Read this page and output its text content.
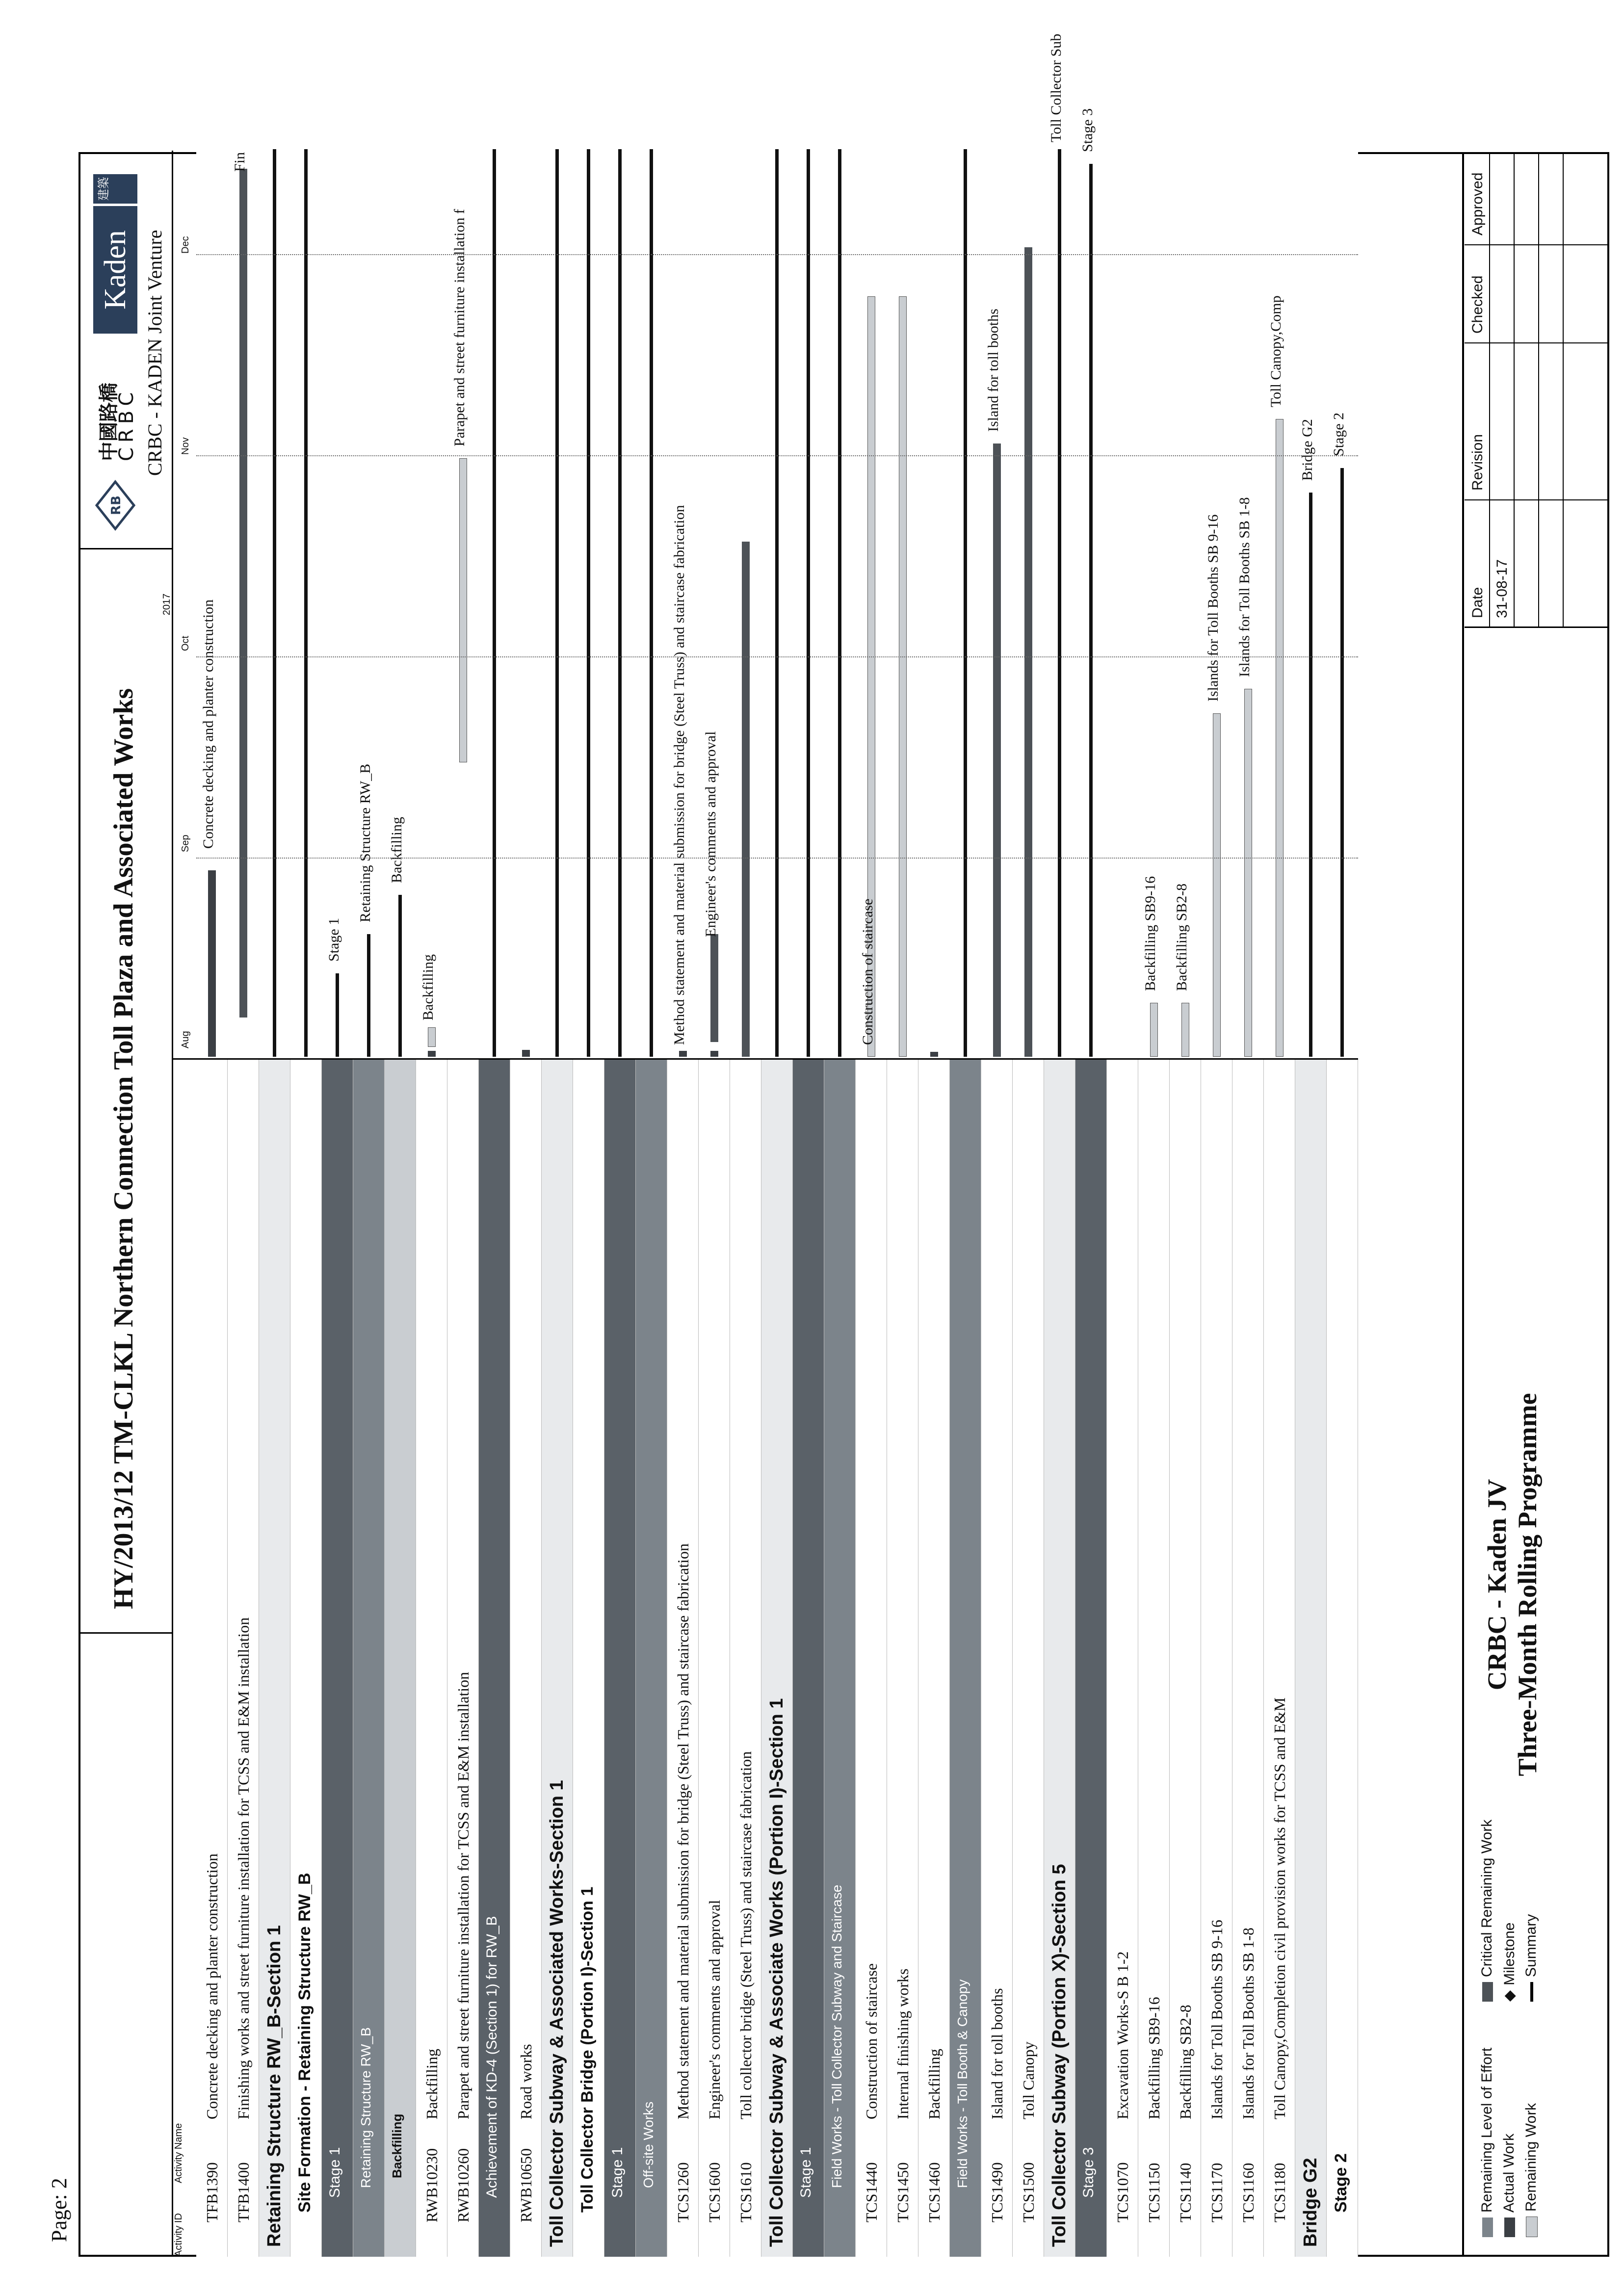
Page: 2
HY/2013/12 TM-CLKL Northern Connection Toll Plaza and Associated Works
RB
中國路橋
CRBC
Kaden
建築
CRBC - KADEN Joint Venture
Activity ID
Activity Name
2017
Aug
Sep
Oct
Nov
Dec
TFB1390
Concrete decking and planter construction
TFB1400
Finishing works and street furniture installation for TCSS and E&M installation Retaining Structure RW_B-Section 1 Site Formation - Retaining Structure RW_B Stage 1 Retaining Structure RW_B Backfilling
RWB10230
Backfilling
RWB10260
Parapet and street furniture installation for TCSS and E&M installation Achievement of KD-4 (Section 1) for RW_B RWB10650
Road works Toll Collector Subway & Associated Works-Section 1 Toll Collector Bridge (Portion I)-Section 1 Stage 1 Off-site Works
TCS1260
Method statement and material submission for bridge (Steel Truss) and staircase fabrication
TCS1600
Engineer's comments and approval
TCS1610
Toll collector bridge (Steel Truss) and staircase fabrication Toll Collector Subway & Associate Works (Portion I)-Section 1 Stage 1 Field Works - Toll Collector Subway and Staircase
TCS1440
Construction of staircase
TCS1450
Internal finishing works
TCS1460
Backfilling Field Works - Toll Booth & Canopy
TCS1490
Island for toll booths
TCS1500
Toll Canopy Toll Collector Subway (Portion X)-Section 5 Stage 3 TCS1070
Excavation Works-S B 1-2
TCS1150
Backfilling SB9-16
TCS1140
Backfilling SB2-8
TCS1170
Islands for Toll Booths SB 9-16
TCS1160
Islands for Toll Booths SB 1-8
TCS1180
Toll Canopy,Completion civil provision works for TCSS and E&M
Bridge G2 Stage 2
Concrete decking and planter construction
Fin
Stage 1
Retaining Structure RW_B Backfilling
Backfilling
Parapet and street furniture installation f
Method statement and material submission for bridge (Steel Truss) and staircase fabrication Engineer's comments and approval
Construction of staircase
Island for toll booths
Toll Collector Sub Stage 3
Backfilling SB9-16 Backfilling SB2-8
Islands for Toll Booths SB 9-16 Islands for Toll Booths SB 1-8
Toll Canopy,Comp
Bridge G2 Stage 2
Remaining Level of Effort Actual Work Remaining Work
Critical Remaining Work
◆Milestone Summary
CRBC - Kaden JV Three-Month Rolling Programme
Date
Revision
Checked
Approved
31-08-17
